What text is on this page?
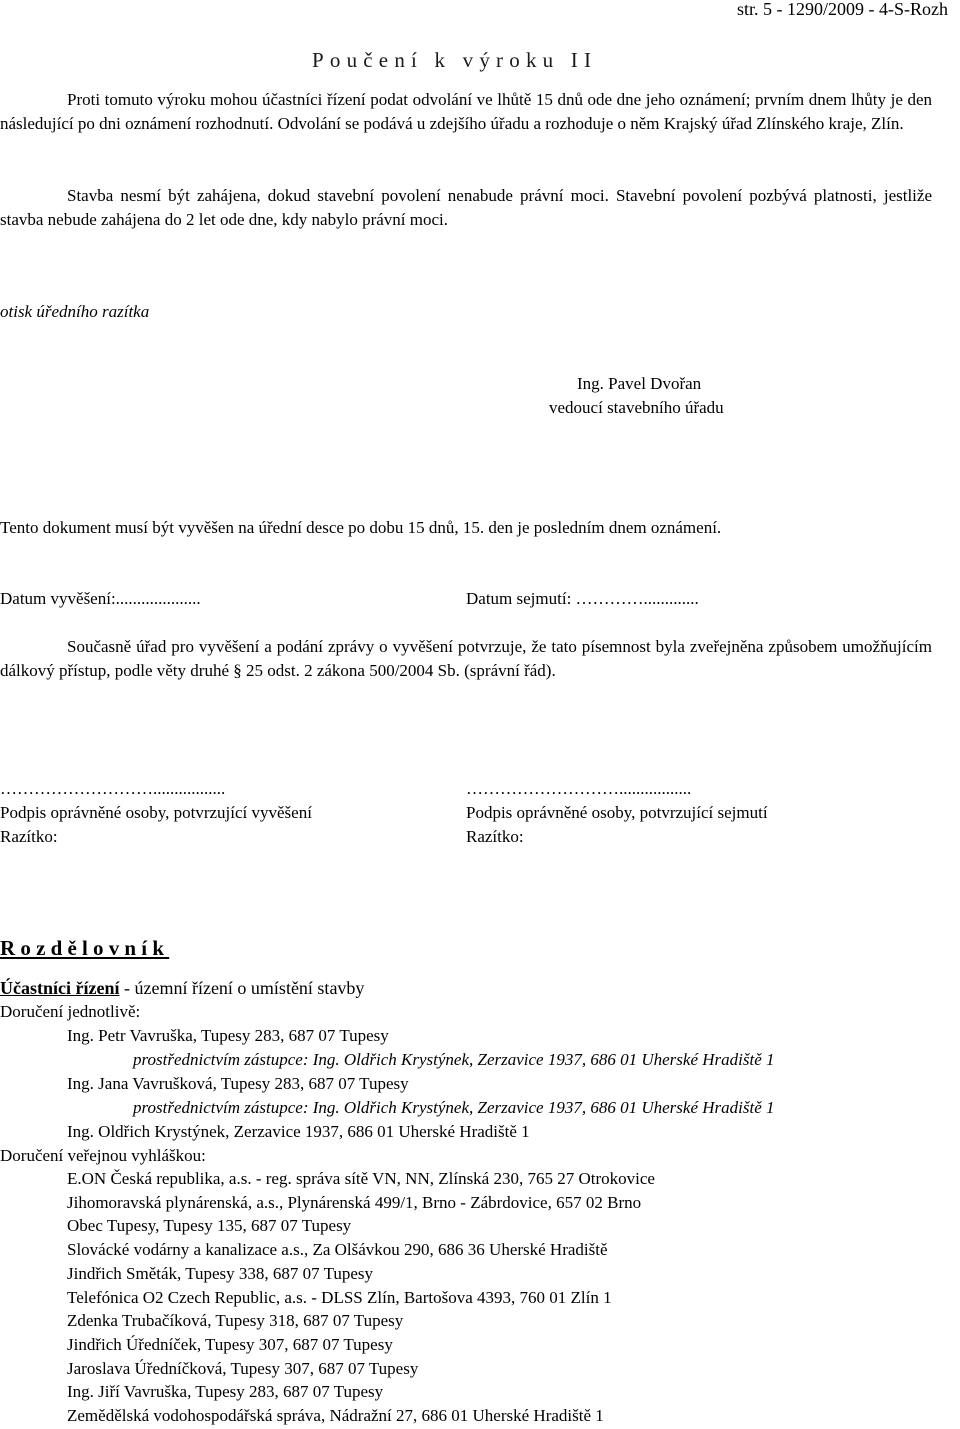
str. 5 - 1290/2009 - 4-S-Rozh
Poučení k výroku II

Proti tomuto výroku mohou účastníci řízení podat odvolání ve lhůtě 15 dnů ode dne jeho oznámení; prvním dnem lhůty je den následující po dni oznámení rozhodnutí. Odvolání se podává u zdejšího úřadu a rozhoduje o něm Krajský úřad Zlínského kraje, Zlín.

Stavba nesmí být zahájena, dokud stavební povolení nenabude právní moci. Stavební povolení pozbývá platnosti, jestliže stavba nebude zahájena do 2 let ode dne, kdy nabylo právní moci.

otisk úředního razítka
Ing. Pavel Dvořan
vedoucí stavebního úřadu
Tento dokument musí být vyvěšen na úřední desce po dobu 15 dnů, 15. den je posledním dnem oznámení.
Datum vyvěšení:....................	Datum sejmutí: ………….............

Současně úřad pro vyvěšení a podání zprávy o vyvěšení potvrzuje, že tato písemnost byla zveřejněna způsobem umožňujícím dálkový přístup, podle věty druhé § 25 odst. 2 zákona 500/2004 Sb. (správní řád).

……………………….................
Podpis oprávněné osoby, potvrzující vyvěšení
Razítko:
……………………….................
Podpis oprávněné osoby, potvrzující sejmutí
Razítko:
Rozdělovník
Účastníci řízení - územní řízení o umístění stavby
Doručení jednotlivě:
Ing. Petr Vavruška, Tupesy 283, 687 07 Tupesy
prostřednictvím zástupce: Ing. Oldřich Krystýnek, Zerzavice 1937, 686 01 Uherské Hradiště 1
Ing. Jana Vavrušková, Tupesy 283, 687 07 Tupesy
prostřednictvím zástupce: Ing. Oldřich Krystýnek, Zerzavice 1937, 686 01 Uherské Hradiště 1
Ing. Oldřich Krystýnek, Zerzavice 1937, 686 01 Uherské Hradiště 1
Doručení veřejnou vyhláškou:
E.ON Česká republika, a.s. - reg. správa sítě VN, NN, Zlínská 230, 765 27 Otrokovice
Jihomoravská plynárenská, a.s., Plynárenská 499/1, Brno - Zábrdovice, 657 02 Brno
Obec Tupesy, Tupesy 135, 687 07 Tupesy
Slovácké vodárny a kanalizace a.s., Za Olšávkou 290, 686 36 Uherské Hradiště
Jindřich Směták, Tupesy 338, 687 07 Tupesy
Telefónica O2 Czech Republic, a.s. - DLSS Zlín, Bartošova 4393, 760 01 Zlín 1
Zdenka Trubačíková, Tupesy 318, 687 07 Tupesy
Jindřich Úředníček, Tupesy 307, 687 07 Tupesy
Jaroslava Úředníčková, Tupesy 307, 687 07 Tupesy
Ing. Jiří Vavruška, Tupesy 283, 687 07 Tupesy
Zemědělská vodohospodářská správa, Nádražní 27, 686 01 Uherské Hradiště 1
